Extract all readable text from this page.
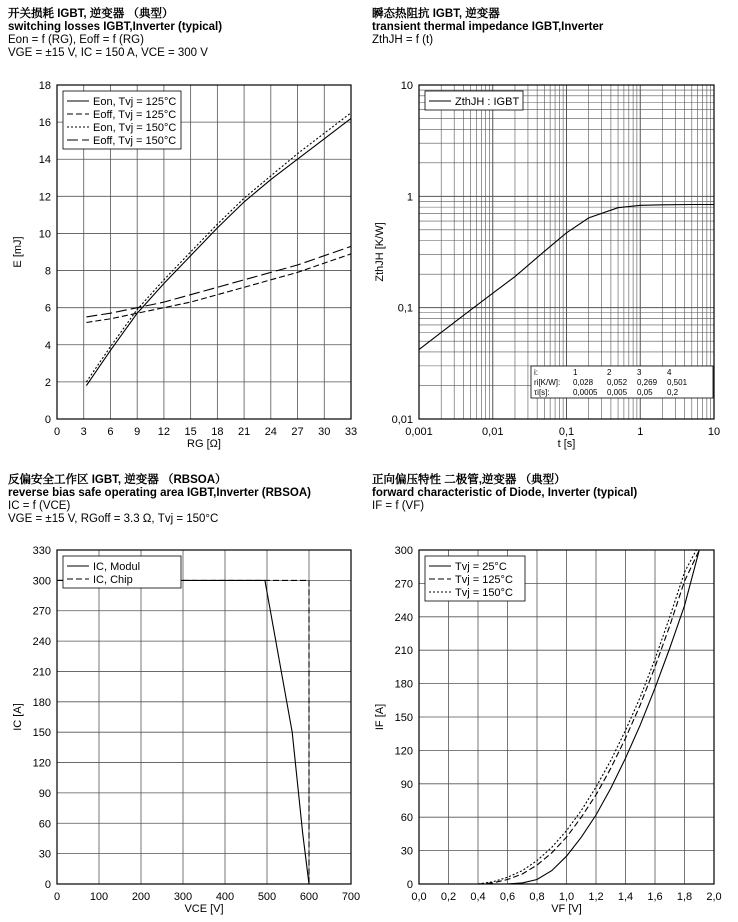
开关损耗 IGBT, 逆变器 （典型）
switching losses IGBT,Inverter (typical)
Eon = f (RG), Eoff = f (RG)
VGE = ±15 V, IC = 150 A, VCE = 300 V
瞬态热阻抗 IGBT, 逆变器
transient thermal impedance IGBT,Inverter
ZthJH = f (t)
反偏安全工作区 IGBT, 逆变器 （RBSOA）
reverse bias safe operating area IGBT,Inverter (RBSOA)
IC = f (VCE)
VGE = ±15 V, RGoff = 3.3 Ω, Tvj = 150°C
正向偏压特性 二极管,逆变器 （典型）
forward characteristic of Diode, Inverter (typical)
IF = f (VF)
0 3 6 9 12 15 18 21 24 27 30 33
0
2
4
6
8
10
12
14
16
18
RG [Ω]
E [mJ]
Eon, Tvj = 125°C
Eoff, Tvj = 125°C
Eon, Tvj = 150°C
Eoff, Tvj = 150°C
0,001	0,01	0,1	1	10
0,01
0,1
1
10
t [s]
ZthJH [K/W]
ZthJH : IGBT
i:	1	2	3	4
ri[K/W]: 0,028 0,052 0,269 0,501
τi[s]:	0,0005 0,005 0,05 0,2
0	100 200 300 400 500 600 700
0
30
60
90
120
150
180
210
240
270
300
330
VCE [V]
IC [A]
IC, Modul
IC, Chip
0,0 0,2 0,4 0,6 0,8 1,0 1,2 1,4 1,6 1,8 2,0
0
30
60
90
120
150
180
210
240
270
300
VF [V]
IF [A]
Tvj = 25°C
Tvj = 125°C
Tvj = 150°C
